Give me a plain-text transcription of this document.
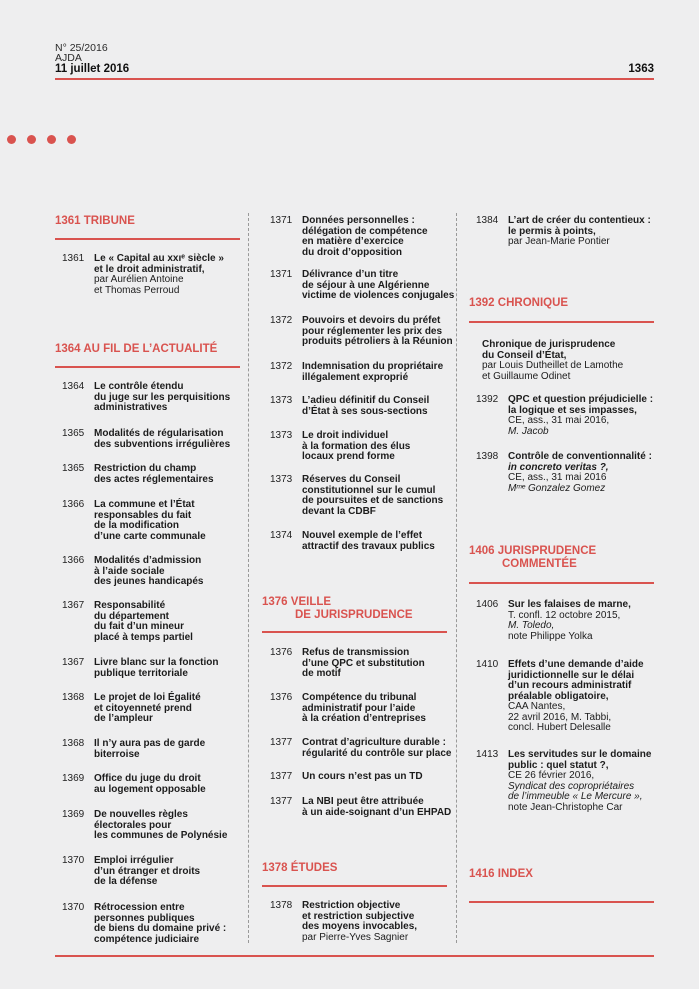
N° 25/2016
AJDA
11 juillet 2016	1363
1361 TRIBUNE
1364 AU FIL DE L’ACTUALITÉ
1376 VEILLE
DE JURISPRUDENCE
1378 ÉTUDES
1392 CHRONIQUE
1406 JURISPRUDENCE
COMMENTÉE
1416 INDEX
1361 Le « Capital au xxıᵉ siècle »
et le droit administratif,
par Aurélien Antoine
et Thomas Perroud
1364 Le contrôle étendu
du juge sur les perquisitions
administratives
1365 Modalités de régularisation
des subventions irrégulières
1365 Restriction du champ
des actes réglementaires
1366 La commune et l’État
responsables du fait
de la modification
d’une carte communale
1366 Modalités d’admission
à l’aide sociale
des jeunes handicapés
1367 Responsabilité
du département
du fait d’un mineur
placé à temps partiel
1367 Livre blanc sur la fonction
publique territoriale
1368 Le projet de loi Égalité
et citoyenneté prend
de l’ampleur
1368 Il n’y aura pas de garde
biterroise
1369 Office du juge du droit
au logement opposable
1369 De nouvelles règles
électorales pour
les communes de Polynésie
1370 Emploi irrégulier
d’un étranger et droits
de la défense
1370 Rétrocession entre
personnes publiques
de biens du domaine privé :
compétence judiciaire
1371 Données personnelles :
délégation de compétence
en matière d’exercice
du droit d’opposition
1371 Délivrance d’un titre
de séjour à une Algérienne
victime de violences conjugales
1372 Pouvoirs et devoirs du préfet
pour réglementer les prix des
produits pétroliers à la Réunion
1372 Indemnisation du propriétaire
illégalement exproprié
1373 L’adieu définitif du Conseil
d’État à ses sous-sections
1373 Le droit individuel
à la formation des élus
locaux prend forme
1373 Réserves du Conseil
constitutionnel sur le cumul
de poursuites et de sanctions
devant la CDBF
1374 Nouvel exemple de l’effet
attractif des travaux publics
1376 Refus de transmission
d’une QPC et substitution
de motif
1376 Compétence du tribunal
administratif pour l’aide
à la création d’entreprises
1377 Contrat d’agriculture durable :
régularité du contrôle sur place
1377 Un cours n’est pas un TD
1377 La NBI peut être attribuée
à un aide-soignant d’un EHPAD
1378 Restriction objective
et restriction subjective
des moyens invocables,
par Pierre-Yves Sagnier
1384 L’art de créer du contentieux :
le permis à points,
par Jean-Marie Pontier
Chronique de jurisprudence
du Conseil d’État,
par Louis Dutheillet de Lamothe
et Guillaume Odinet
1392 QPC et question préjudicielle :
la logique et ses impasses,
CE, ass., 31 mai 2016,
M. Jacob
1398 Contrôle de conventionnalité :
in concreto veritas ?,
CE, ass., 31 mai 2016
Mᵐᵉ Gonzalez Gomez
1406 Sur les falaises de marne,
T. confl. 12 octobre 2015,
M. Toledo,
note Philippe Yolka
1410 Effets d’une demande d’aide
juridictionnelle sur le délai
d’un recours administratif
préalable obligatoire,
CAA Nantes,
22 avril 2016, M. Tabbi,
concl. Hubert Delesalle
1413 Les servitudes sur le domaine
public : quel statut ?,
CE 26 février 2016,
Syndicat des copropriétaires
de l’immeuble « Le Mercure »,
note Jean-Christophe Car
